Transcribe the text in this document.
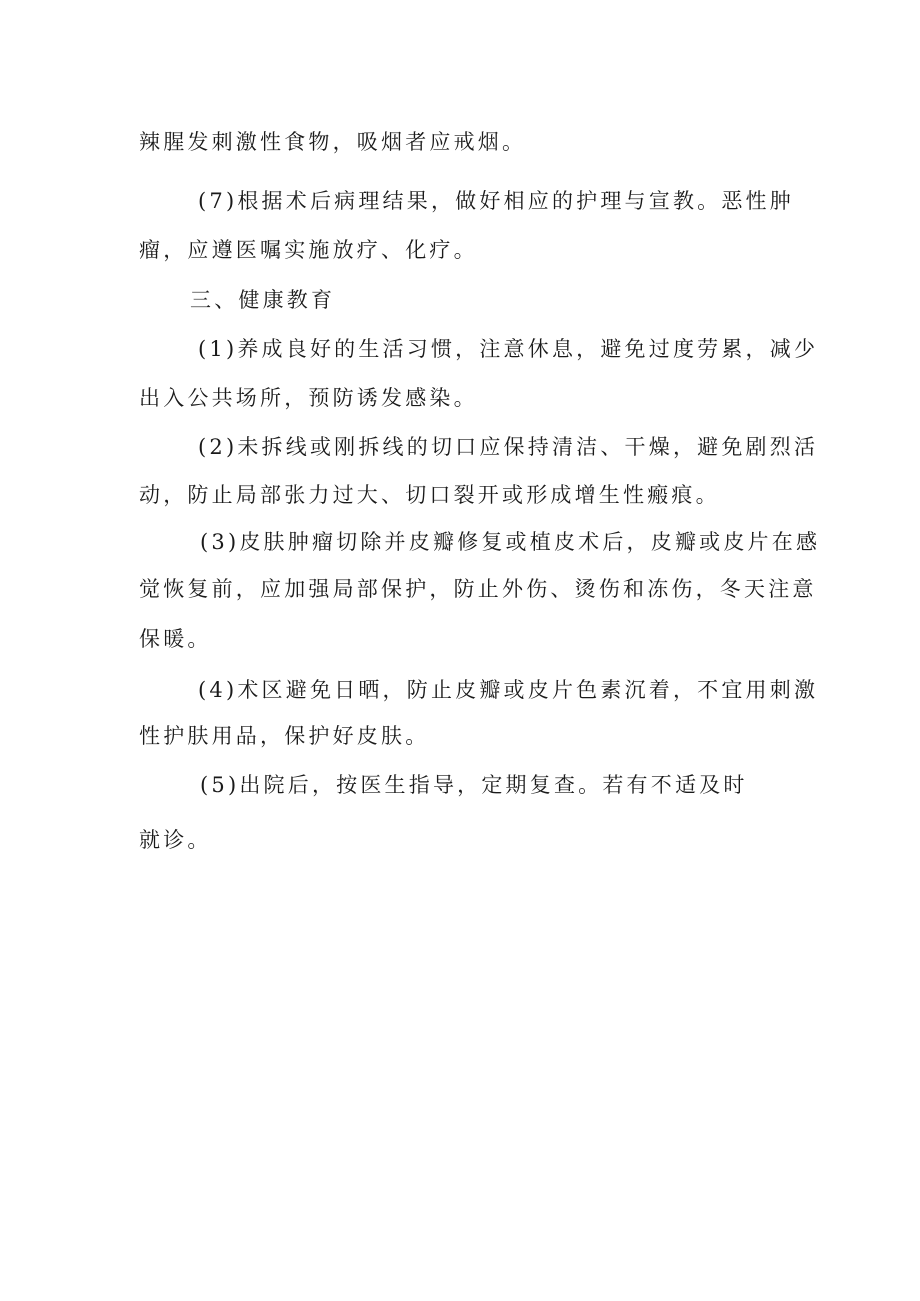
辣腥发刺激性食物，吸烟者应戒烟。
(7)根据术后病理结果，做好相应的护理与宣教。恶性肿
瘤，应遵医嘱实施放疗、化疗。
三、健康教育
(1)养成良好的生活习惯，注意休息，避免过度劳累，减少
出入公共场所，预防诱发感染。
(2)未拆线或刚拆线的切口应保持清洁、干燥，避免剧烈活
动，防止局部张力过大、切口裂开或形成增生性瘢痕。
(3)皮肤肿瘤切除并皮瓣修复或植皮术后，皮瓣或皮片在感
觉恢复前，应加强局部保护，防止外伤、烫伤和冻伤，冬天注意
保暖。
(4)术区避免日晒，防止皮瓣或皮片色素沉着，不宜用刺激
性护肤用品，保护好皮肤。
(5)出院后，按医生指导，定期复查。若有不适及时
就诊。
